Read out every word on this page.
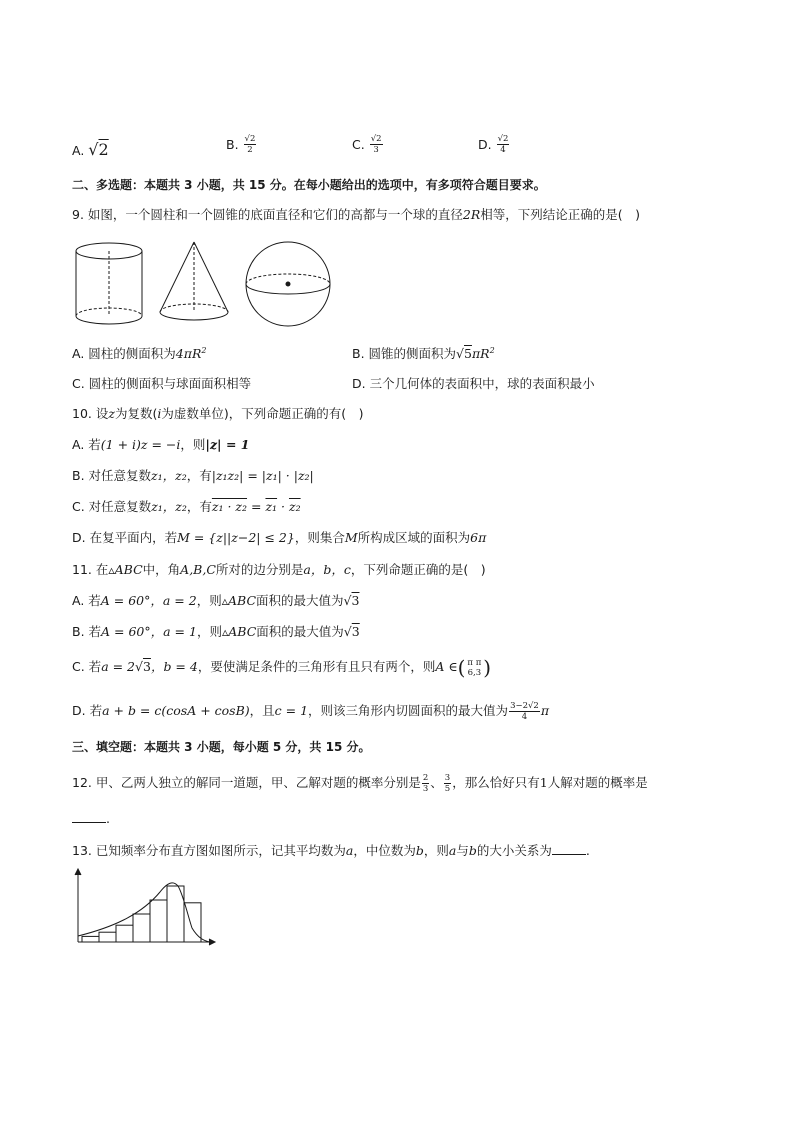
A. √2	B. $\frac{√2}{2}$	C. $\frac{√2}{3}$	D. $\frac{√2}{4}$
二、多选题：本题共 3 小题，共 15 分。在每小题给出的选项中，有多项符合题目要求。
9. 如图，一个圆柱和一个圆锥的底面直径和它们的高都与一个球的直径2R相等，下列结论正确的是(　)
A. 圆柱的侧面积为$4\pi R^2$	B. 圆锥的侧面积为$√5\pi R^2$
C. 圆柱的侧面积与球面面积相等	D. 三个几何体的表面积中，球的表面积最小
10. 设z为复数(i为虚数单位)，下列命题正确的有(　)
A. 若(1 + i)z = −i，则|z| = 1
B. 对任意复数z₁，z₂，有|z₁z₂| = |z₁| · |z₂|
C. 对任意复数z₁，z₂，有z₁ · z₂ = z₁ · z₂
D. 在复平面内，若M = {z||z−2| ≤ 2}，则集合M所构成区域的面积为6π
11. 在▵ABC中，角A,B,C所对的边分别是a，b，c，下列命题正确的是(　)
A. 若A = 60°，a = 2，则▵ABC面积的最大值为√3
B. 若A = 60°，a = 1，则▵ABC面积的最大值为√3
C. 若a = 2√3，b = 4，要使满足条件的三角形有且只有两个，则A ∈( π π
6,3 )
D. 若a + b = c(cosA + cosB)，且c = 1，则该三角形内切圆面积的最大值为 $\frac{3-2√2}{4}$ π
三、填空题：本题共 3 小题，每小题 5 分，共 15 分。
12. 甲、乙两人独立的解同一道题，甲、乙解对题的概率分别是 $\frac{2}{3}$ 、 $\frac{3}{5}$ ，那么恰好只有1人解对题的概率是
.
13. 已知频率分布直方图如图所示，记其平均数为a，中位数为b，则a与b的大小关系为	.
